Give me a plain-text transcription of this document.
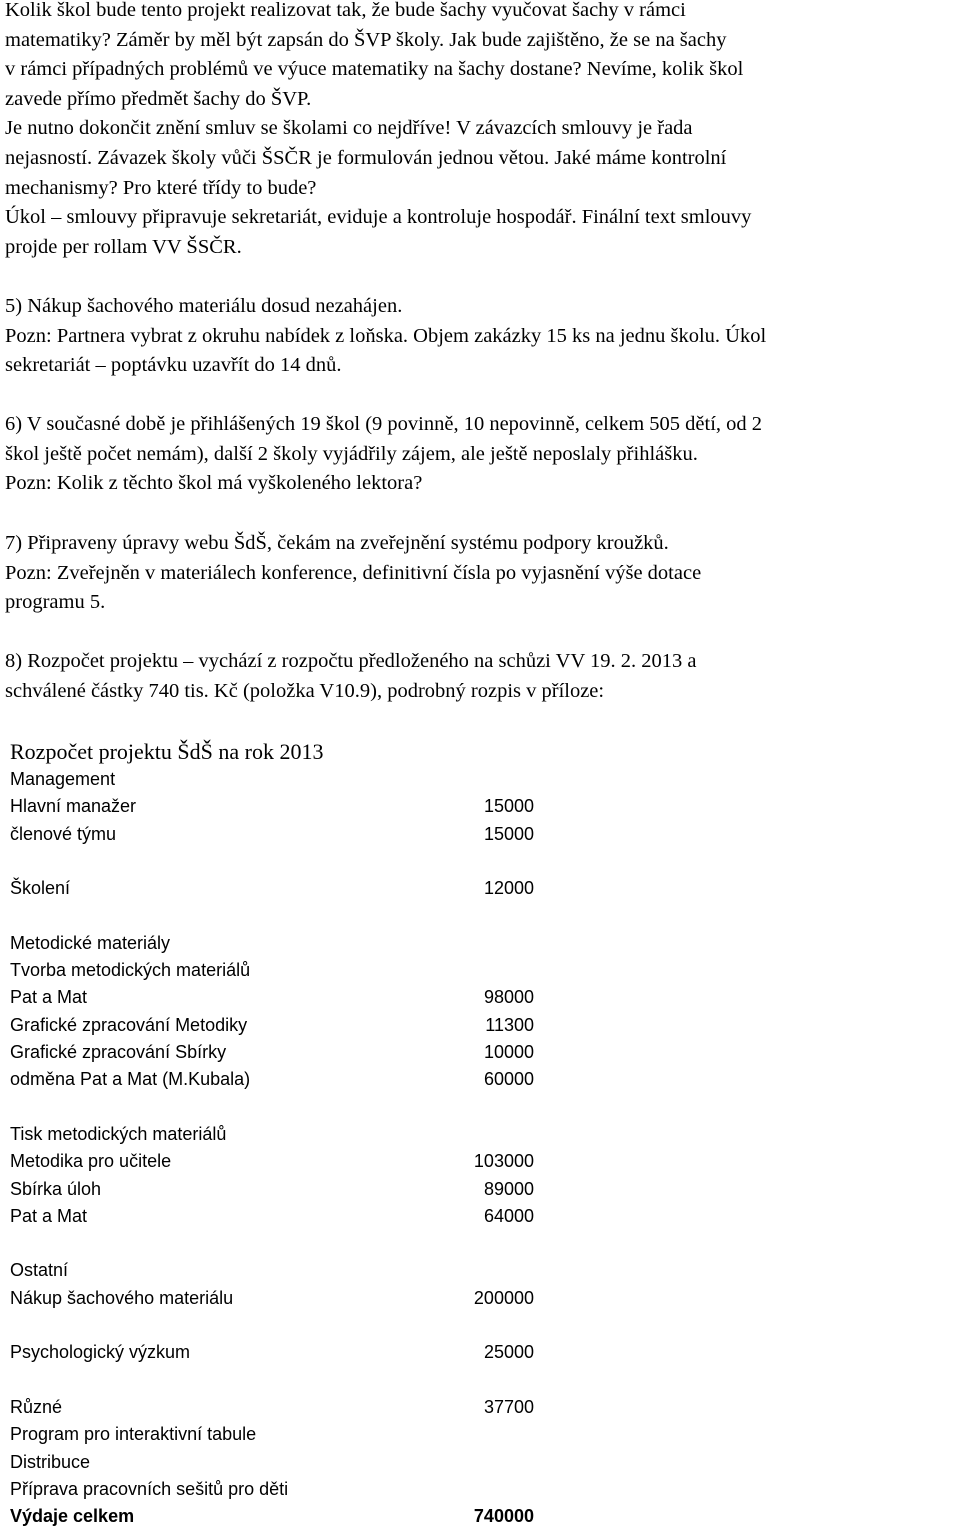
Kolik škol bude tento projekt realizovat tak, že bude šachy vyučovat šachy v rámci
matematiky? Záměr by měl být zapsán do ŠVP školy. Jak bude zajištěno, že se na šachy
v rámci případných problémů ve výuce matematiky na šachy dostane? Nevíme, kolik škol
zavede přímo předmět šachy do ŠVP.
Je nutno dokončit znění smluv se školami co nejdříve! V závazcích smlouvy je řada
nejasností. Závazek školy vůči ŠSČR je formulován jednou větou. Jaké máme kontrolní
mechanismy? Pro které třídy to bude?
Úkol – smlouvy připravuje sekretariát, eviduje a kontroluje hospodář. Finální text smlouvy
projde per rollam VV ŠSČR.
5) Nákup šachového materiálu dosud nezahájen.
Pozn: Partnera vybrat z okruhu nabídek z loňska. Objem zakázky 15 ks na jednu školu. Úkol
sekretariát – poptávku uzavřít do 14 dnů.
6) V současné době je přihlášených 19 škol (9 povinně, 10 nepovinně, celkem 505 dětí, od 2
škol ještě počet nemám), další 2 školy vyjádřily zájem, ale ještě neposlaly přihlášku.
Pozn: Kolik z těchto škol má vyškoleného lektora?
7) Připraveny úpravy webu ŠdŠ, čekám na zveřejnění systému podpory kroužků.
Pozn: Zveřejněn v materiálech konference, definitivní čísla po vyjasnění výše dotace
programu 5.
8) Rozpočet projektu – vychází z rozpočtu předloženého na schůzi VV 19. 2. 2013 a
schválené částky 740 tis. Kč (položka V10.9), podrobný rozpis v příloze:
Rozpočet projektu ŠdŠ na rok 2013
Management
Hlavní manažer	15000
členové týmu	15000
Školení	12000
Metodické materiály
Tvorba metodických materiálů
Pat a Mat	98000
Grafické zpracování Metodiky	11300
Grafické zpracování Sbírky	10000
odměna Pat a Mat (M.Kubala)	60000
Tisk metodických materiálů
Metodika pro učitele	103000
Sbírka úloh	89000
Pat a Mat	64000
Ostatní
Nákup šachového materiálu	200000
Psychologický výzkum	25000
Různé	37700
Program pro interaktivní tabule
Distribuce
Příprava pracovních sešitů pro děti
Výdaje celkem	740000
